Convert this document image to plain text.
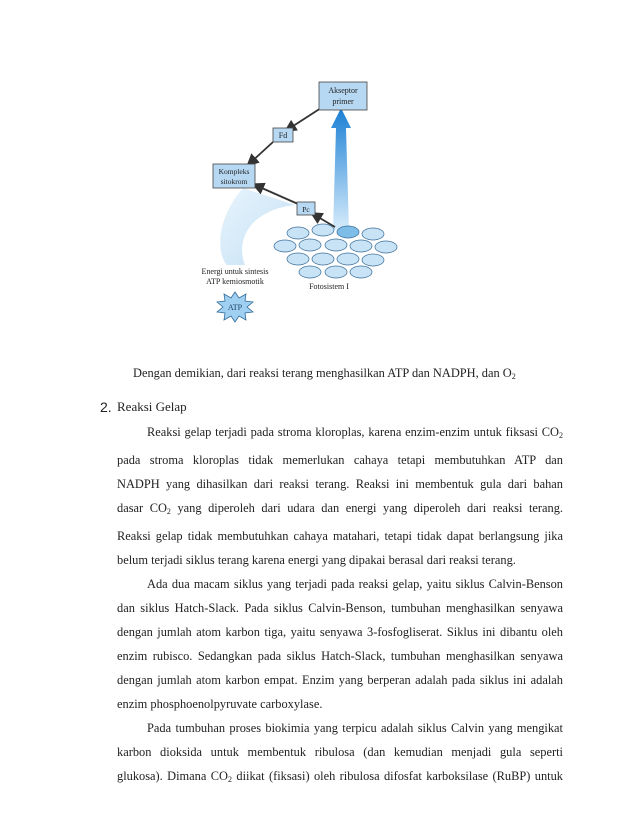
Akseptor
primer
Fd
Kompleks
sitokrom
Pc
Energi untuk sintesis
ATP kemiosmotik
ATP
Fotosistem I
Dengan demikian, dari reaksi terang menghasilkan ATP dan NADPH, dan $O_2$
2. Reaksi Gelap
Reaksi gelap terjadi pada stroma kloroplas, karena enzim-enzim untuk fiksasi $CO_2$
pada stroma kloroplas tidak memerlukan cahaya tetapi membutuhkan ATP dan
NADPH yang dihasilkan dari reaksi terang. Reaksi ini membentuk gula dari bahan
dasar $CO_2$ yang diperoleh dari udara dan energi yang diperoleh dari reaksi terang.
Reaksi gelap tidak membutuhkan cahaya matahari, tetapi tidak dapat berlangsung jika
belum terjadi siklus terang karena energi yang dipakai berasal dari reaksi terang.
Ada dua macam siklus yang terjadi pada reaksi gelap, yaitu siklus Calvin-Benson
dan siklus Hatch-Slack. Pada siklus Calvin-Benson, tumbuhan menghasilkan senyawa
dengan jumlah atom karbon tiga, yaitu senyawa 3-fosfogliserat. Siklus ini dibantu oleh
enzim rubisco. Sedangkan pada siklus Hatch-Slack, tumbuhan menghasilkan senyawa
dengan jumlah atom karbon empat. Enzim yang berperan adalah pada siklus ini adalah
enzim phosphoenolpyruvate carboxylase.
Pada tumbuhan proses biokimia yang terpicu adalah siklus Calvin yang mengikat
karbon dioksida untuk membentuk ribulosa (dan kemudian menjadi gula seperti
glukosa). Dimana $CO_2$ diikat (fiksasi) oleh ribulosa difosfat karboksilase (RuBP) untuk
